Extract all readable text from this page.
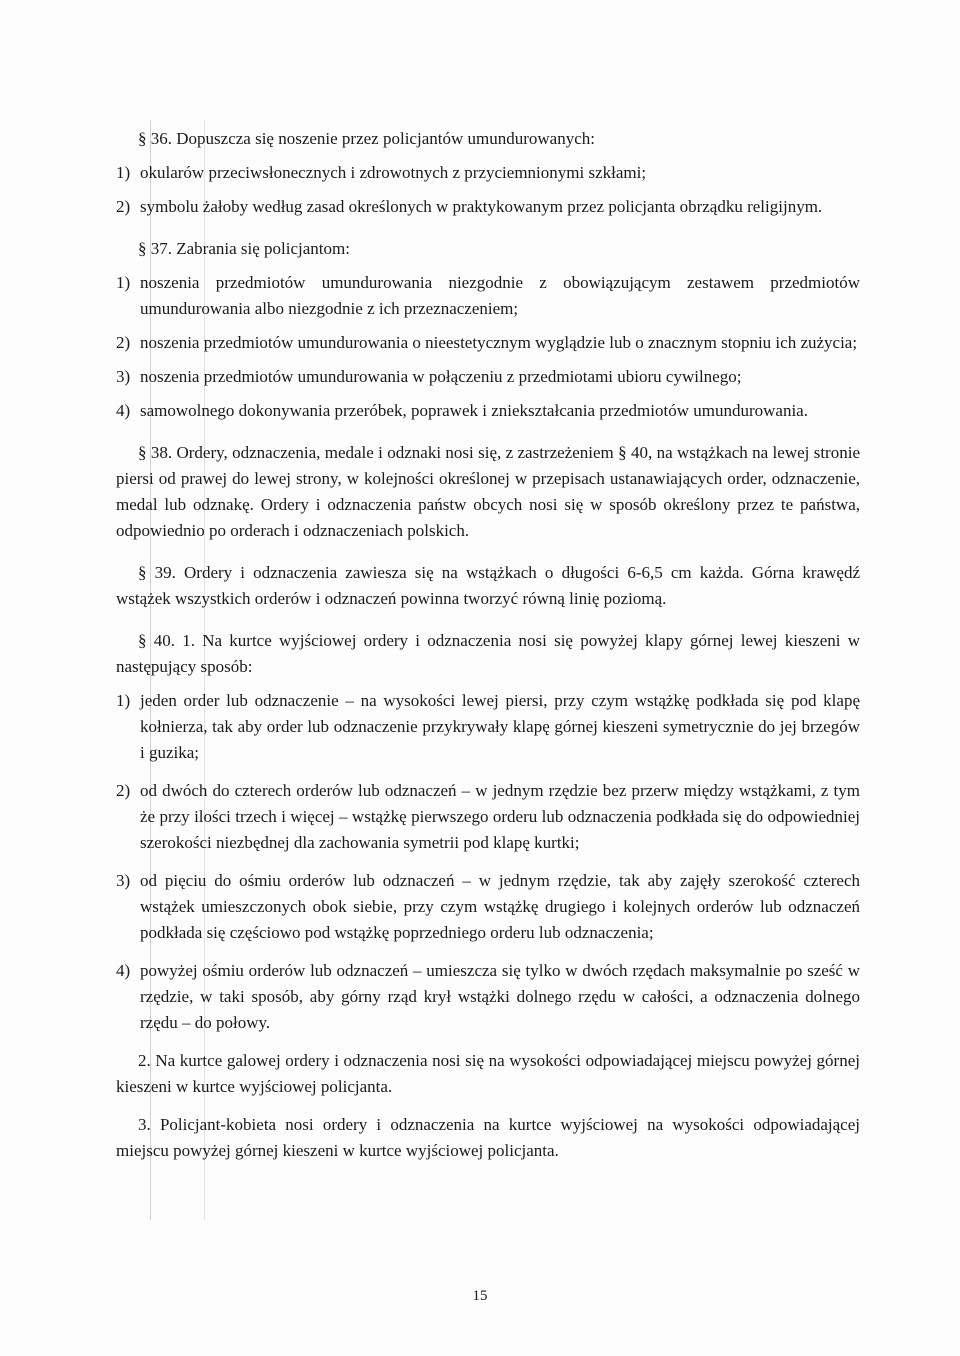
§ 36. Dopuszcza się noszenie przez policjantów umundurowanych:

1) okularów przeciwsłonecznych i zdrowotnych z przyciemnionymi szkłami;
2) symbolu żałoby według zasad określonych w praktykowanym przez policjanta obrządku religijnym.

§ 37. Zabrania się policjantom:

1) noszenia przedmiotów umundurowania niezgodnie z obowiązującym zestawem przedmiotów umundurowania albo niezgodnie z ich przeznaczeniem;
2) noszenia przedmiotów umundurowania o nieestetycznym wyglądzie lub o znacznym stopniu ich zużycia;
3) noszenia przedmiotów umundurowania w połączeniu z przedmiotami ubioru cywilnego;
4) samowolnego dokonywania przeróbek, poprawek i zniekształcania przedmiotów umundurowania.

§ 38. Ordery, odznaczenia, medale i odznaki nosi się, z zastrzeżeniem § 40, na wstążkach na lewej stronie piersi od prawej do lewej strony, w kolejności określonej w przepisach ustanawiających order, odznaczenie, medal lub odznakę. Ordery i odznaczenia państw obcych nosi się w sposób określony przez te państwa, odpowiednio po orderach i odznaczeniach polskich.

§ 39. Ordery i odznaczenia zawiesza się na wstążkach o długości 6-6,5 cm każda. Górna krawędź wstążek wszystkich orderów i odznaczeń powinna tworzyć równą linię poziomą.

§ 40. 1. Na kurtce wyjściowej ordery i odznaczenia nosi się powyżej klapy górnej lewej kieszeni w następujący sposób:

1) jeden order lub odznaczenie – na wysokości lewej piersi, przy czym wstążkę podkłada się pod klapę kołnierza, tak aby order lub odznaczenie przykrywały klapę górnej kieszeni symetrycznie do jej brzegów i guzika;
2) od dwóch do czterech orderów lub odznaczeń – w jednym rzędzie bez przerw między wstążkami, z tym że przy ilości trzech i więcej – wstążkę pierwszego orderu lub odznaczenia podkłada się do odpowiedniej szerokości niezbędnej dla zachowania symetrii pod klapę kurtki;
3) od pięciu do ośmiu orderów lub odznaczeń – w jednym rzędzie, tak aby zajęły szerokość czterech wstążek umieszczonych obok siebie, przy czym wstążkę drugiego i kolejnych orderów lub odznaczeń podkłada się częściowo pod wstążkę poprzedniego orderu lub odznaczenia;
4) powyżej ośmiu orderów lub odznaczeń – umieszcza się tylko w dwóch rzędach maksymalnie po sześć w rzędzie, w taki sposób, aby górny rząd krył wstążki dolnego rzędu w całości, a odznaczenia dolnego rzędu – do połowy.

2. Na kurtce galowej ordery i odznaczenia nosi się na wysokości odpowiadającej miejscu powyżej górnej kieszeni w kurtce wyjściowej policjanta.

3. Policjant-kobieta nosi ordery i odznaczenia na kurtce wyjściowej na wysokości odpowiadającej miejscu powyżej górnej kieszeni w kurtce wyjściowej policjanta.

15
